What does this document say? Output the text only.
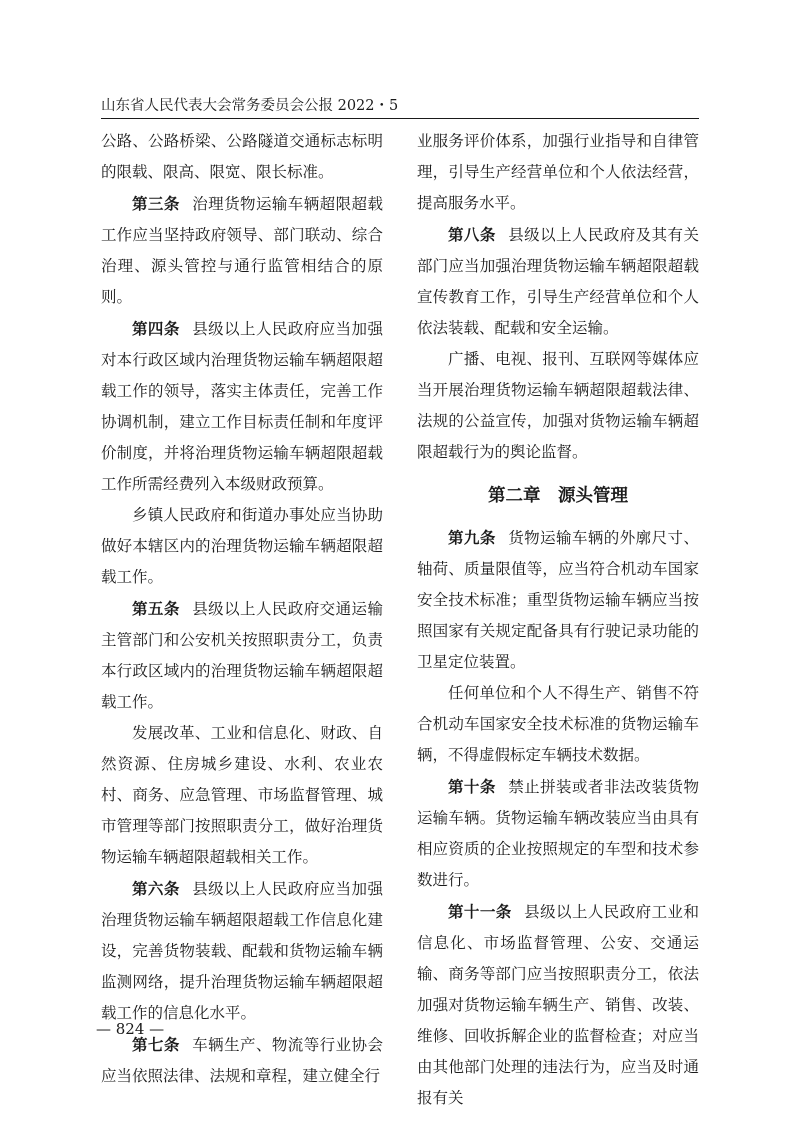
山东省人民代表大会常务委员会公报 2022・5

公路、公路桥梁、公路隧道交通标志标明的限载、限高、限宽、限长标准。

第三条 治理货物运输车辆超限超载工作应当坚持政府领导、部门联动、综合治理、源头管控与通行监管相结合的原则。

第四条 县级以上人民政府应当加强对本行政区域内治理货物运输车辆超限超载工作的领导，落实主体责任，完善工作协调机制，建立工作目标责任制和年度评价制度，并将治理货物运输车辆超限超载工作所需经费列入本级财政预算。

乡镇人民政府和街道办事处应当协助做好本辖区内的治理货物运输车辆超限超载工作。

第五条 县级以上人民政府交通运输主管部门和公安机关按照职责分工，负责本行政区域内的治理货物运输车辆超限超载工作。

发展改革、工业和信息化、财政、自然资源、住房城乡建设、水利、农业农村、商务、应急管理、市场监督管理、城市管理等部门按照职责分工，做好治理货物运输车辆超限超载相关工作。

第六条 县级以上人民政府应当加强治理货物运输车辆超限超载工作信息化建设，完善货物装载、配载和货物运输车辆监测网络，提升治理货物运输车辆超限超载工作的信息化水平。

第七条 车辆生产、物流等行业协会应当依照法律、法规和章程，建立健全行

业服务评价体系，加强行业指导和自律管理，引导生产经营单位和个人依法经营，提高服务水平。

第八条 县级以上人民政府及其有关部门应当加强治理货物运输车辆超限超载宣传教育工作，引导生产经营单位和个人依法装载、配载和安全运输。

广播、电视、报刊、互联网等媒体应当开展治理货物运输车辆超限超载法律、法规的公益宣传，加强对货物运输车辆超限超载行为的舆论监督。

第二章 源头管理

第九条 货物运输车辆的外廓尺寸、轴荷、质量限值等，应当符合机动车国家安全技术标准；重型货物运输车辆应当按照国家有关规定配备具有行驶记录功能的卫星定位装置。

任何单位和个人不得生产、销售不符合机动车国家安全技术标准的货物运输车辆，不得虚假标定车辆技术数据。

第十条 禁止拼装或者非法改装货物运输车辆。货物运输车辆改装应当由具有相应资质的企业按照规定的车型和技术参数进行。

第十一条 县级以上人民政府工业和信息化、市场监督管理、公安、交通运输、商务等部门应当按照职责分工，依法加强对货物运输车辆生产、销售、改装、维修、回收拆解企业的监督检查；对应当由其他部门处理的违法行为，应当及时通报有关

— 824 —
